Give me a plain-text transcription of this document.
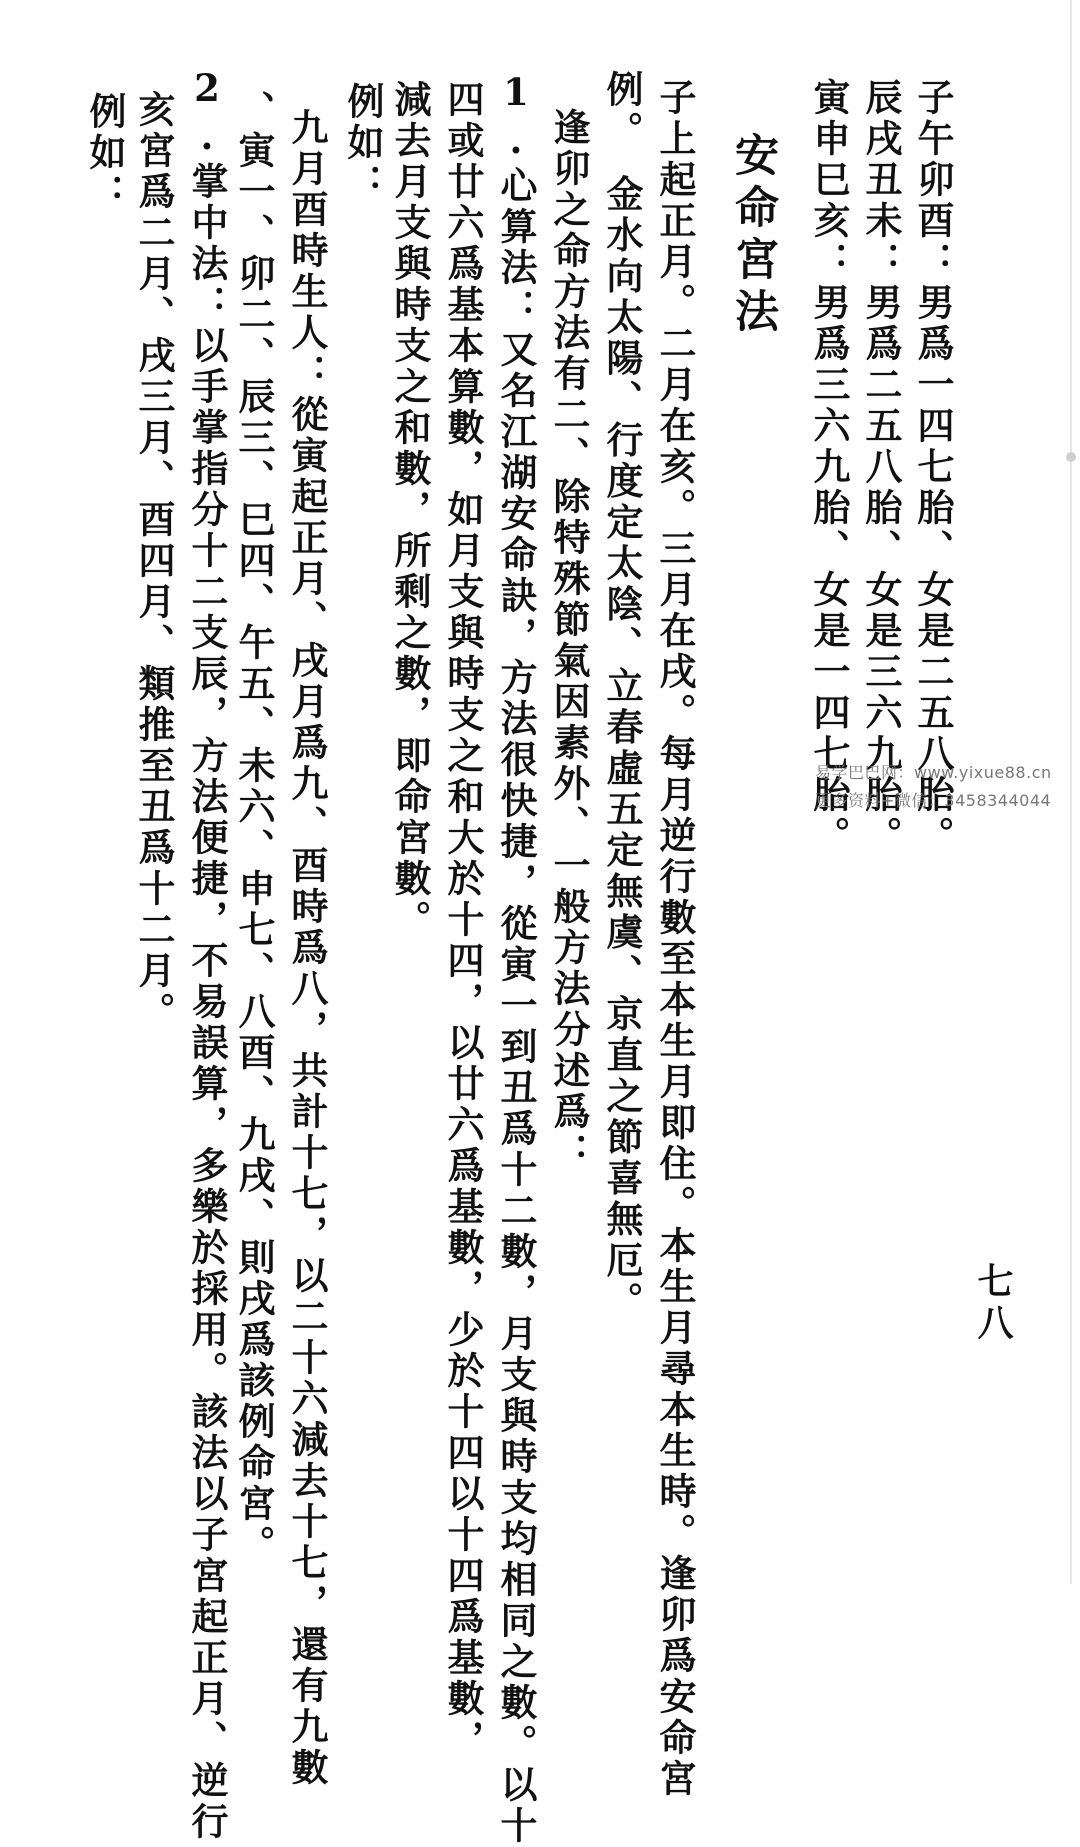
子午卯酉：男爲一四七胎、女是二五八胎。

辰戌丑未：男爲二五八胎、女是三六九胎。

寅申巳亥：男爲三六九胎、女是一四七胎。

安命宮法

子上起正月。二月在亥。三月在戌。每月逆行數至本生月即住。本生月尋本生時。逢卯爲安命宮

例。　金水向太陽、行度定太陰、立春虛五定無虞、京直之節喜無厄。

逢卯之命方法有二、除特殊節氣因素外、一般方法分述爲：

1.心算法：又名江湖安命訣，方法很快捷，從寅一到丑爲十二數，月支與時支均相同之數。以十

四或廿六爲基本算數，如月支與時支之和大於十四，以廿六爲基數，少於十四以十四爲基數，

減去月支與時支之和數，所剩之數，即命宮數。

例如：

九月酉時生人：從寅起正月、戌月爲九、酉時爲八，共計十七，以二十六減去十七，還有九數

、寅一、卯二、辰三、巳四、午五、未六、申七、八酉、九戌、則戌爲該例命宮。

2.掌中法：以手掌指分十二支辰，方法便捷，不易誤算，多樂於採用。該法以子宮起正月、逆行

亥宮爲二月、戌三月、酉四月、類推至丑爲十二月。

例如：

七八
易学巴巴网：www.yixue88.cn
更多资料+微信：3458344044
